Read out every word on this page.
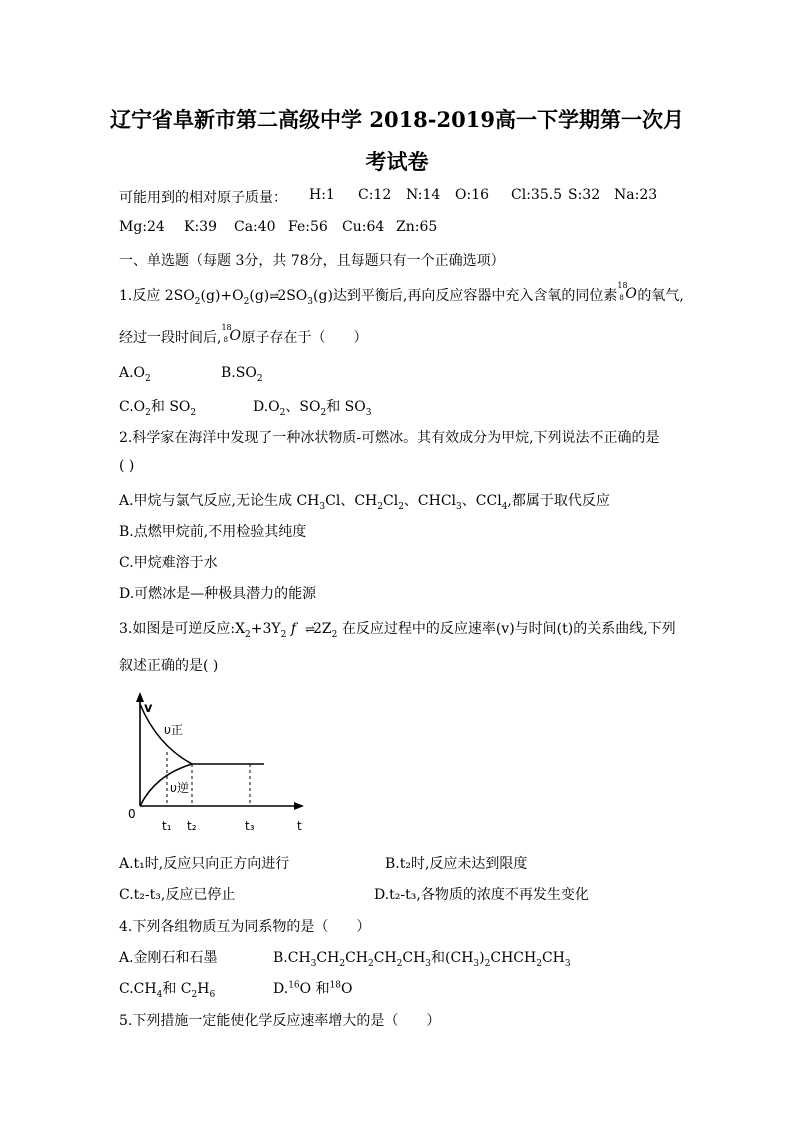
辽宁省阜新市第二高级中学 2018-2019高一下学期第一次月
考试卷
可能用到的相对原子质量： H:1 C:12 N:14 O:16 Cl:35.5 S:32 Na:23
Mg:24 K:39 Ca:40 Fe:56 Cu:64 Zn:65
一、单选题（每题 3分，共 78分，且每题只有一个正确选项）
1.反应 $2SO_2(g)+O_2(g)\rightleftharpoons 2SO_3(g)$达到平衡后,再向反应容器中充入含氧的同位素
18
8 O 的氧气,
经过一段时间后,
18
8 O 原子存在于（　　）
$A.O_2$	$B.SO_2$
$C.O_2$和 $SO_2$	$D.O_2$、$SO_2$和 $SO_3$
2.科学家在海洋中发现了一种冰状物质-可燃冰。其有效成分为甲烷,下列说法不正确的是
( )
A.甲烷与氯气反应,无论生成 $CH_3Cl$、$CH_2Cl_2$、CHCl$_3$、CCl$_4$,都属于取代反应
B.点燃甲烷前,不用检验其纯度
C.甲烷难溶于水
D.可燃冰是—种极具潜力的能源
3.如图是可逆反应$:X_2+3Y_2$ f $\rightleftharpoons 2Z_2$ 在反应过程中的反应速率(v)与时间(t)的关系曲线,下列
叙述正确的是( )
v
υ正
υ逆
0
t₁ t₂	t₃	t
A.t₁时,反应只向正方向进行	B.t₂时,反应未达到限度
C.t₂-t₃,反应已停止	D.t₂-t₃,各物质的浓度不再发生变化
4.下列各组物质互为同系物的是（　　）
A.金刚石和石墨	$B.CH_3CH_2CH_2CH_2CH_3$和$(CH_3)_2CHCH_2CH_3$
$C.CH_4$和 $C_2H_6$	D.$^{16}$O 和$^{18}$O
5.下列措施一定能使化学反应速率增大的是（　　）
